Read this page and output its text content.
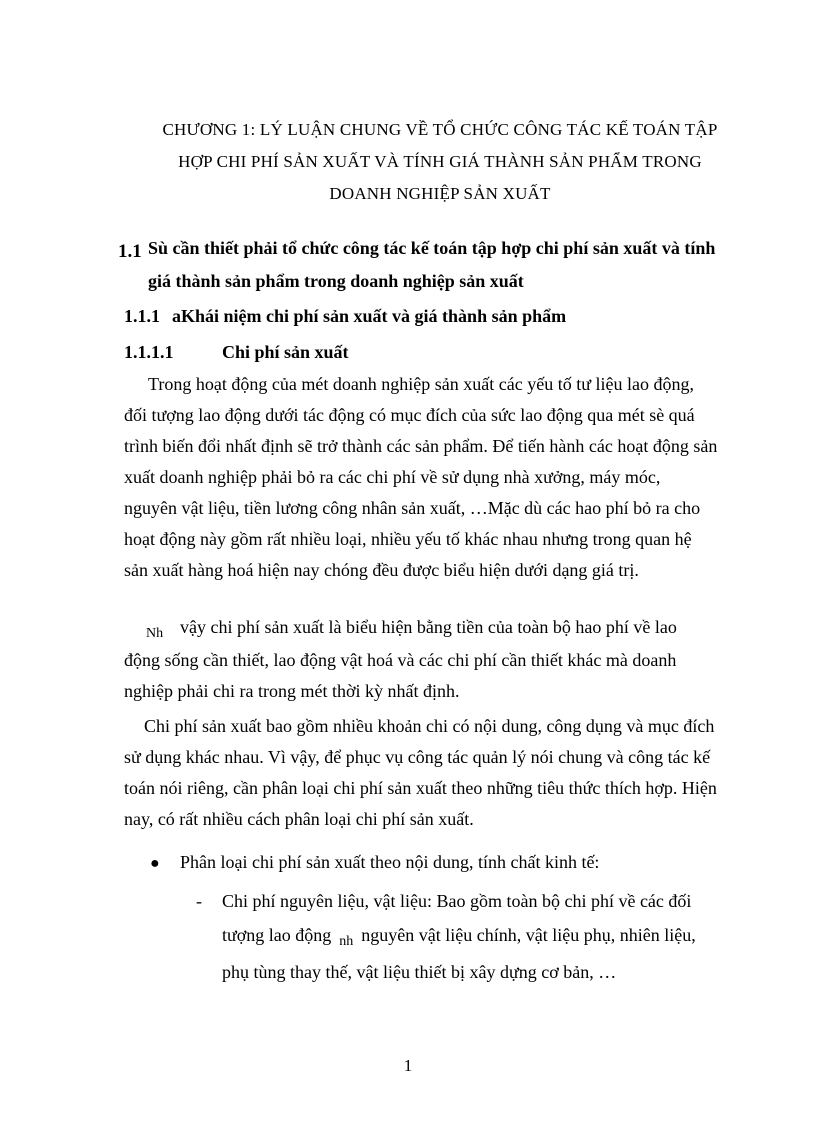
CHƯƠNG 1: LÝ LUẬN CHUNG VỀ TỔ CHỨC CÔNG TÁC KẾ TOÁN TẬP
HỢP CHI PHÍ SẢN XUẤT VÀ TÍNH GIÁ THÀNH SẢN PHẨM TRONG
DOANH NGHIỆP SẢN XUẤT
1.1 Sù cần thiết phải tổ chức công tác kế toán tập hợp chi phí sản xuất và tính
giá thành sản phẩm trong doanh nghiệp sản xuất
1.1.1 aKhái niệm chi phí sản xuất và giá thành sản phẩm
1.1.1.1	Chi phí sản xuất
Trong hoạt động của mét doanh nghiệp sản xuất các yếu tố tư liệu lao động,
đối tượng lao động dưới tác động có mục đích của sức lao động qua mét sè quá
trình biến đổi nhất định sẽ trở thành các sản phẩm. Để tiến hành các hoạt động sản
xuất doanh nghiệp phải bỏ ra các chi phí về sử dụng nhà xưởng, máy móc,
nguyên vật liệu, tiền lương công nhân sản xuất, …Mặc dù các hao phí bỏ ra cho
hoạt động này gồm rất nhiều loại, nhiều yếu tố khác nhau nhưng trong quan hệ
sản xuất hàng hoá hiện nay chóng đều được biểu hiện dưới dạng giá trị.
Nh vậy chi phí sản xuất là biểu hiện bằng tiền của toàn bộ hao phí về lao
động sống cần thiết, lao động vật hoá và các chi phí cần thiết khác mà doanh
nghiệp phải chi ra trong mét thời kỳ nhất định.
Chi phí sản xuất bao gồm nhiều khoản chi có nội dung, công dụng và mục đích
sử dụng khác nhau. Vì vậy, để phục vụ công tác quản lý nói chung và công tác kế
toán nói riêng, cần phân loại chi phí sản xuất theo những tiêu thức thích hợp. Hiện
nay, có rất nhiều cách phân loại chi phí sản xuất.
● Phân loại chi phí sản xuất theo nội dung, tính chất kinh tế:
- Chi phí nguyên liệu, vật liệu: Bao gồm toàn bộ chi phí về các đối
tượng lao động nh nguyên vật liệu chính, vật liệu phụ, nhiên liệu,
phụ tùng thay thế, vật liệu thiết bị xây dựng cơ bản, …
1
